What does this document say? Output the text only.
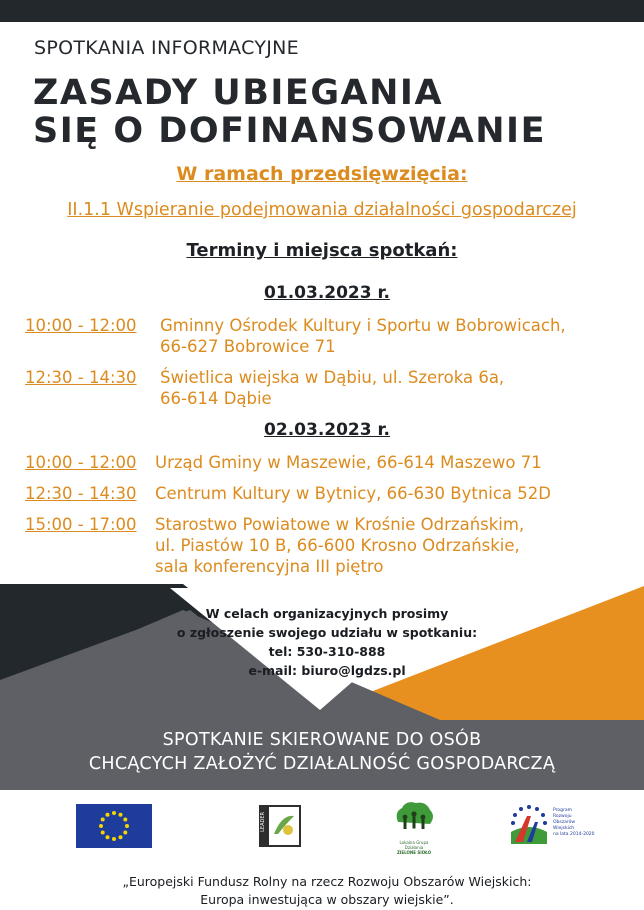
SPOTKANIA INFORMACYJNE
ZASADY UBIEGANIA
SIĘ O DOFINANSOWANIE
W ramach przedsięwzięcia:
II.1.1 Wspieranie podejmowania działalności gospodarczej
Terminy i miejsca spotkań:
01.03.2023 r.
10:00 - 12:00 Gminny Ośrodek Kultury i Sportu w Bobrowicach,
66-627 Bobrowice 71
12:30 - 14:30 Świetlica wiejska w Dąbiu, ul. Szeroka 6a,
66-614 Dąbie
02.03.2023 r.
10:00 - 12:00 Urząd Gminy w Maszewie, 66-614 Maszewo 71
12:30 - 14:30 Centrum Kultury w Bytnicy, 66-630 Bytnica 52D
15:00 - 17:00 Starostwo Powiatowe w Krośnie Odrzańskim,
ul. Piastów 10 B, 66-600 Krosno Odrzańskie,
sala konferencyjna III piętro
W celach organizacyjnych prosimy
o zgłoszenie swojego udziału w spotkaniu:
tel: 530-310-888
e-mail: biuro@lgdzs.pl
SPOTKANIE SKIEROWANE DO OSÓB
CHCĄCYCH ZAŁOŻYĆ DZIAŁALNOŚĆ GOSPODARCZĄ
LEADER
Lokalna Grupa Działania
ZIELONE SIOŁO
Program
Rozwoju
Obszarów
Wiejskich
na lata 2014-2020
„Europejski Fundusz Rolny na rzecz Rozwoju Obszarów Wiejskich:
Europa inwestująca w obszary wiejskie”.
